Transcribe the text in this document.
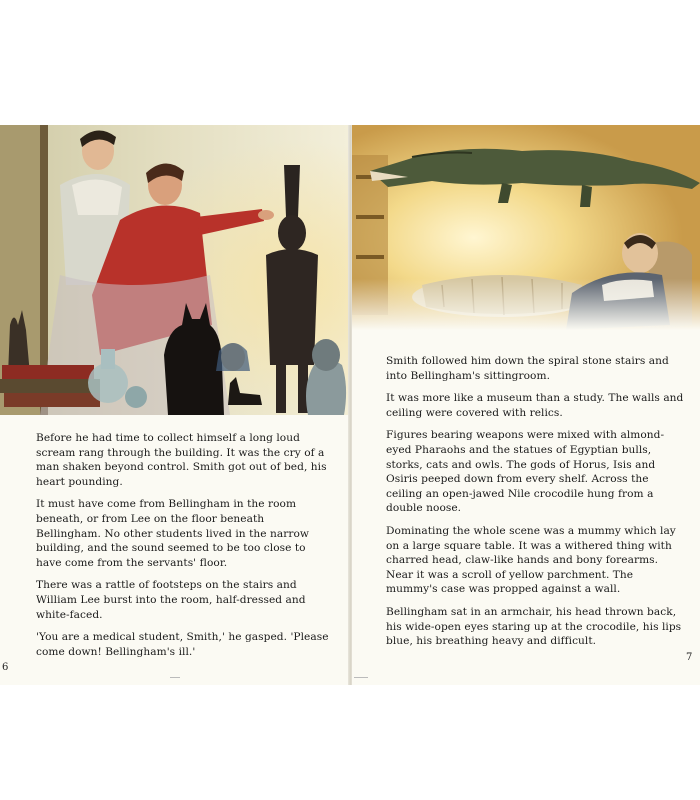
Before he had time to collect himself a long loud scream rang through the building. It was the cry of a man shaken beyond control. Smith got out of bed, his heart pounding.

It must have come from Bellingham in the room beneath, or from Lee on the floor beneath Bellingham. No other students lived in the narrow building, and the sound seemed to be too close to have come from the servants' floor.

There was a rattle of footsteps on the stairs and William Lee burst into the room, half-dressed and white-faced.

'You are a medical student, Smith,' he gasped. 'Please come down! Bellingham's ill.'

6

Smith followed him down the spiral stone stairs and into Bellingham's sittingroom.

It was more like a museum than a study. The walls and ceiling were covered with relics.

Figures bearing weapons were mixed with almond-eyed Pharaohs and the statues of Egyptian bulls, storks, cats and owls. The gods of Horus, Isis and Osiris peeped down from every shelf. Across the ceiling an open-jawed Nile crocodile hung from a double noose.

Dominating the whole scene was a mummy which lay on a large square table. It was a withered thing with charred head, claw-like hands and bony forearms. Near it was a scroll of yellow parchment. The mummy's case was propped against a wall.

Bellingham sat in an armchair, his head thrown back, his wide-open eyes staring up at the crocodile, his lips blue, his breathing heavy and difficult.

7
